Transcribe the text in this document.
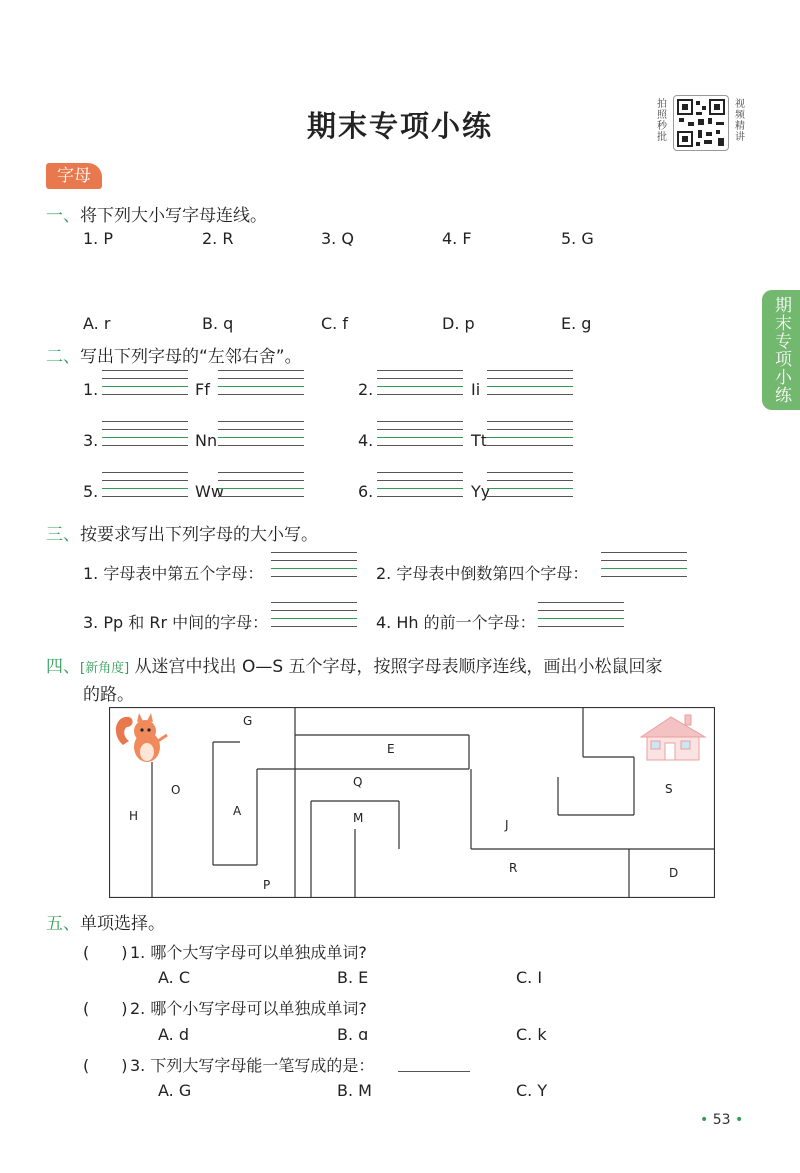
期末专项小练
拍照秒批
视频精讲
期末专项小练
字母
一、将下列大小写字母连线。
1. P	2. R	3. Q	4. F	5. G
A. r	B. q	C. f	D. p	E. g
二、写出下列字母的“左邻右舍”。
1.	Ff	2.	Ii
3.	Nn	4.	Tt
5.	Ww	6.	Yy
三、按要求写出下列字母的大小写。
1. 字母表中第五个字母：	2. 字母表中倒数第四个字母：
3. Pp 和 Rr 中间的字母：	4. Hh 的前一个字母：
四、[新角度] 从迷宫中找出 O—S 五个字母，按照字母表顺序连线，画出小松鼠回家
的路。
G
E
O
Q	S
H	A	M	J
R	D
P
五、单项选择。
(　　) 1. 哪个大写字母可以单独成单词?
A. C	B. E	C. I
(　　) 2. 哪个小写字母可以单独成单词?
A. d	B. ɑ	C. k
(　　) 3. 下列大写字母能一笔写成的是：
A. G	B. M	C. Y
• 53 •
